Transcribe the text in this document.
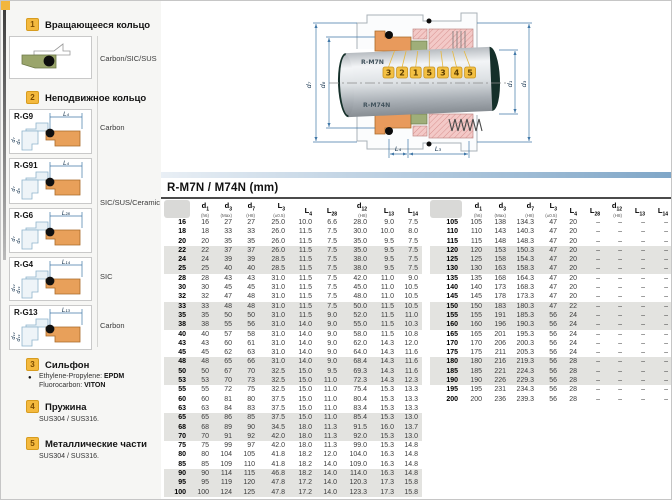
1	Вращающееся кольцо
Carbon/SIC/SUS
2	Неподвижное кольцо
R-G9	L₄
d₇ d₈
Carbon
R-G91	L₄
d₇ d₈
R-G6	L₂₈
d₇ d₈
SIC/SUS/Ceramic
R-G4	L₁₄
d₁₂ d₁₁
SIC
R-G13	L₁₃
d₁₂ d₁₁
Carbon
3	Сильфон
● Ethylene-Propylene: EPDM
Fluorocarbon: VITON
4	Пружина
SUS304 / SUS316.
5	Металлические части
SUS304 / SUS316.
R-M7N
R-M74N
3 2 1 5 3 4 5
d₇ d₈	d₁ d₃
L₄	L₃
R-M7N / M74N (mm)

$d_1$
(h6)

$d_3$
(Max)

$d_7$
(H8)

$L_3$
(±0.5)

$L_4$	$L_{28}$

$d_{12}$
(H8)

$L_{13}$	$L_{14}$

16	16	27	27	25.0	10.0	6.6	28.0	9.0	7.5
18	18	33	33	26.0	11.5	7.5	30.0	10.0	8.0
20	20	35	35	26.0	11.5	7.5	35.0	9.5	7.5
22	22	37	37	26.0	11.5	7.5	35.0	9.5	7.5
24	24	39	39	28.5	11.5	7.5	38.0	9.5	7.5
25	25	40	40	28.5	11.5	7.5	38.0	9.5	7.5
28	28	43	43	31.0	11.5	7.5	42.0	11.0	9.0
30	30	45	45	31.0	11.5	7.5	45.0	11.0	10.5
32	32	47	48	31.0	11.5	7.5	48.0	11.0	10.5
33	33	48	48	31.0	11.5	7.5	50.0	11.5	10.5
35	35	50	50	31.0	11.5	9.0	52.0	11.5	11.0
38	38	55	56	31.0	14.0	9.0	55.0	11.5	10.3
40	40	57	58	31.0	14.0	9.0	58.0	11.5	10.8
43	43	60	61	31.0	14.0	9.0	62.0	14.3	12.0
45	45	62	63	31.0	14.0	9.0	64.0	14.3	11.6
48	48	65	66	31.0	14.0	9.0	68.4	14.3	11.6
50	50	67	70	32.5	15.0	9.5	69.3	14.3	11.6
53	53	70	73	32.5	15.0	11.0	72.3	14.3	12.3
55	55	72	75	32.5	15.0	11.0	75.4	15.3	13.3
60	60	81	80	37.5	15.0	11.0	80.4	15.3	13.3
63	63	84	83	37.5	15.0	11.0	83.4	15.3	13.3
65	65	86	85	37.5	15.0	11.0	85.4	15.3	13.0
68	68	89	90	34.5	18.0	11.3	91.5	16.0	13.7
70	70	91	92	42.0	18.0	11.3	92.0	15.3	13.0
75	75	99	97	42.0	18.0	11.3	99.0	15.3	14.8
80	80	104	105	41.8	18.2	12.0	104.0	16.3	14.8
85	85	109	110	41.8	18.2	14.0	109.0	16.3	14.8
90	90	114	115	46.8	18.2	14.0	114.0	16.3	14.8
95	95	119	120	47.8	17.2	14.0	120.3	17.3	15.8
100	100	124	125	47.8	17.2	14.0	123.3	17.3	15.8

$d_1$
(h6)

$d_3$
(Max)

$d_7$
(H8)

$L_3$
(±0.5)

$L_4$	$L_{28}$

$d_{12}$
(H8)

$L_{13}$	$L_{14}$

105	105	138	134.3	47	20	–	–	–	–
110	110	143	140.3	47	20	–	–	–	–
115	115	148	148.3	47	20	–	–	–	–
120	120	153	150.3	47	20	–	–	–	–
125	125	158	154.3	47	20	–	–	–	–
130	130	163	158.3	47	20	–	–	–	–
135	135	168	164.3	47	20	–	–	–	–
140	140	173	168.3	47	20	–	–	–	–
145	145	178	173.3	47	20	–	–	–	–
150	150	183	180.3	47	22	–	–	–	–
155	155	191	185.3	56	24	–	–	–	–
160	160	196	190.3	56	24	–	–	–	–
165	165	201	195.3	56	24	–	–	–	–
170	170	206	200.3	56	24	–	–	–	–
175	175	211	205.3	56	24	–	–	–	–
180	180	216	219.3	56	28	–	–	–	–
185	185	221	224.3	56	28	–	–	–	–
190	190	226	229.3	56	28	–	–	–	–
195	195	231	234.3	56	28	–	–	–	–
200	200	236	239.3	56	28	–	–	–	–
